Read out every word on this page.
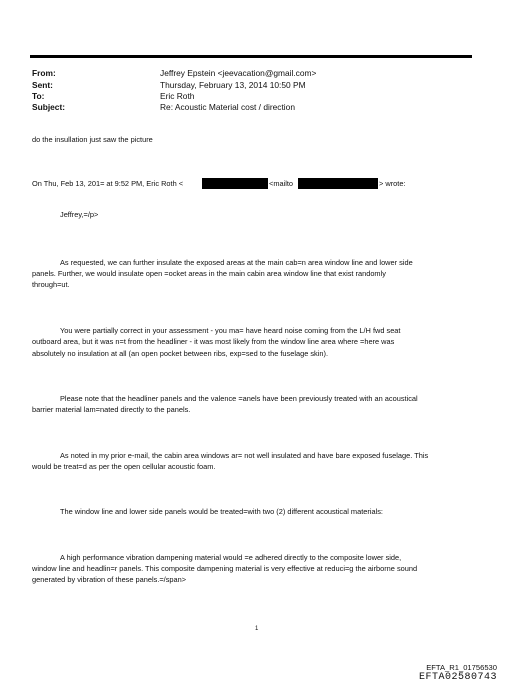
From:	Jeffrey Epstein <jeevacation@gmail.com>
Sent:	Thursday, February 13, 2014 10:50 PM
To:	Eric Roth
Subject:	Re: Acoustic Material cost / direction
do the insullation just saw the picture
On Thu, Feb 13, 201= at 9:52 PM, Eric Roth <	<mailto	> wrote:
Jeffrey,=/p>
As requested, we can further insulate the exposed areas at the main cab=n area window line and lower side
panels. Further, we would insulate open =ocket areas in the main cabin area window line that exist randomly
through=ut.
You were partially correct in your assessment - you ma= have heard noise coming from the L/H fwd seat
outboard area, but it was n=t from the headliner - it was most likely from the window line area where =here was
absolutely no insulation at all (an open pocket between ribs, exp=sed to the fuselage skin).
Please note that the headliner panels and the valence =anels have been previously treated with an acoustical
barrier material lam=nated directly to the panels.
As noted in my prior e-mail, the cabin area windows ar= not well insulated and have bare exposed fuselage. This
would be treat=d as per the open cellular acoustic foam.
The window line and lower side panels would be treated=with two (2) different acoustical materials:
A high performance vibration dampening material would =e adhered directly to the composite lower side,
window line and headlin=r panels. This composite dampening material is very effective at reduci=g the airborne sound
generated by vibration of these panels.=/span>
1
EFTA_R1_01756530
EFTA02580743
